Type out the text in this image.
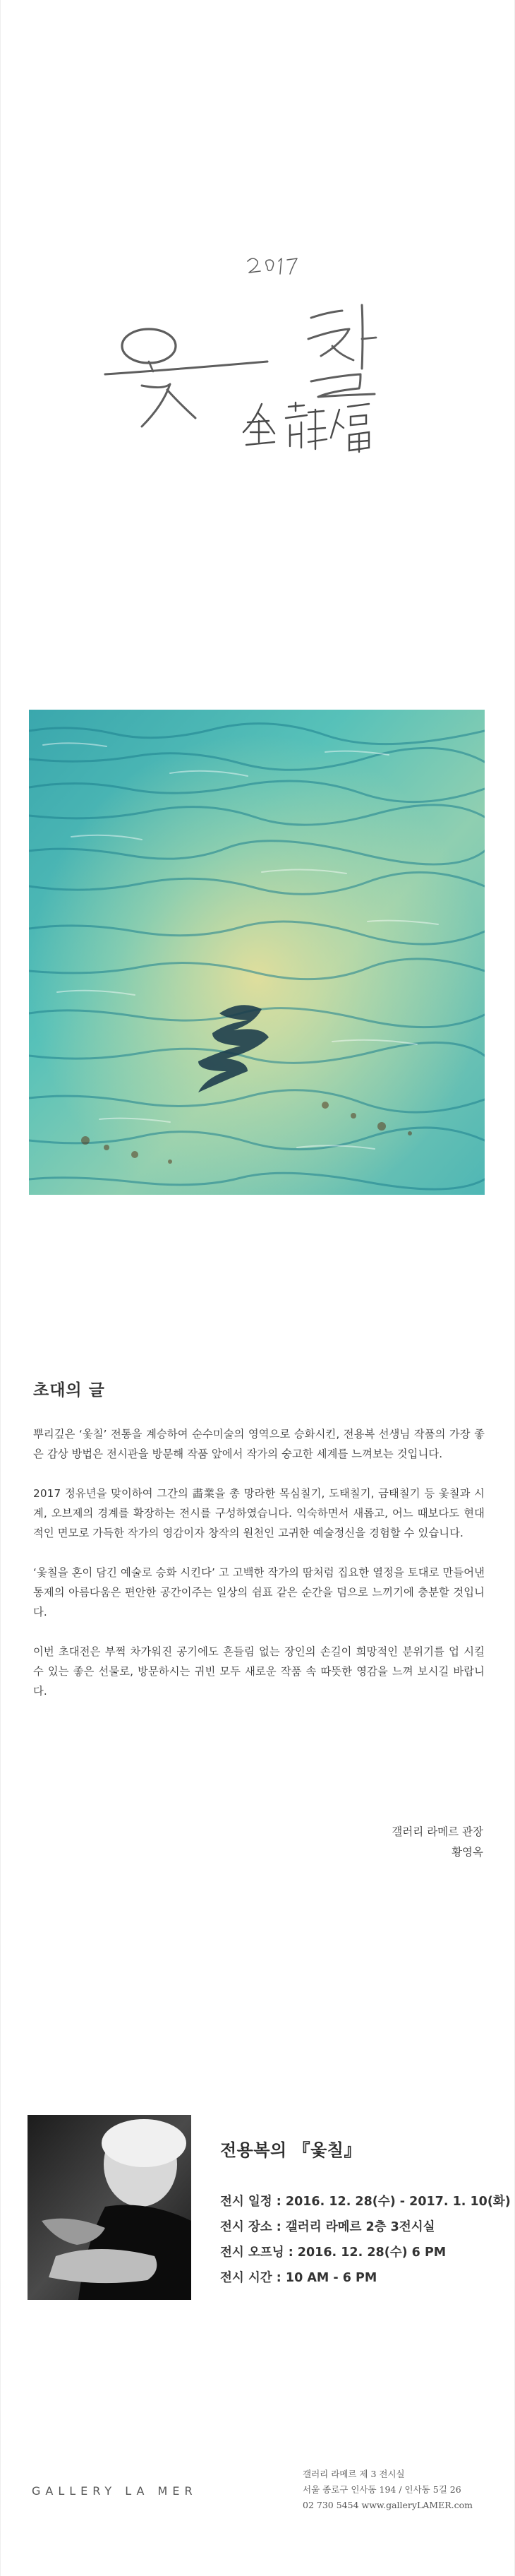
초대의 글

뿌리깊은 ‘옻칠’ 전통을 계승하여 순수미술의 영역으로 승화시킨, 전용복 선생님 작품의 가장 좋은 감상 방법은 전시관을 방문해 작품 앞에서 작가의 숭고한 세계를 느껴보는 것입니다.

2017 정유년을 맞이하여 그간의 畵業을 총 망라한 목심칠기, 도태칠기, 금태칠기 등 옻칠과 시계, 오브제의 경계를 확장하는 전시를 구성하였습니다. 익숙하면서 새롭고, 어느 때보다도 현대적인 면모로 가득한 작가의 영감이자 창작의 원천인 고귀한 예술정신을 경험할 수 있습니다.

‘옻칠을 혼이 담긴 예술로 승화 시킨다’ 고 고백한 작가의 땀처럼 집요한 열정을 토대로 만들어낸 통제의 아름다움은 편안한 공간이주는 일상의 쉼표 같은 순간을 덤으로 느끼기에 충분할 것입니다.

이번 초대전은 부쩍 차가워진 공기에도 흔들림 없는 장인의 손길이 희망적인 분위기를 업 시킬 수 있는 좋은 선물로, 방문하시는 귀빈 모두 새로운 작품 속 따뜻한 영감을 느껴 보시길 바랍니다.

갤러리 라메르 관장
황영옥
전용복의 『옻칠』
전시 일정 : 2016. 12. 28(수) - 2017. 1. 10(화)
전시 장소 : 갤러리 라메르 2층 3전시실
전시 오프닝 : 2016. 12. 28(수) 6 PM
전시 시간 : 10 AM - 6 PM
GALLERY LA MER
갤러리 라메르 제 3 전시실
서울 종로구 인사동 194 / 인사동 5길 26
02 730 5454 www.galleryLAMER.com
